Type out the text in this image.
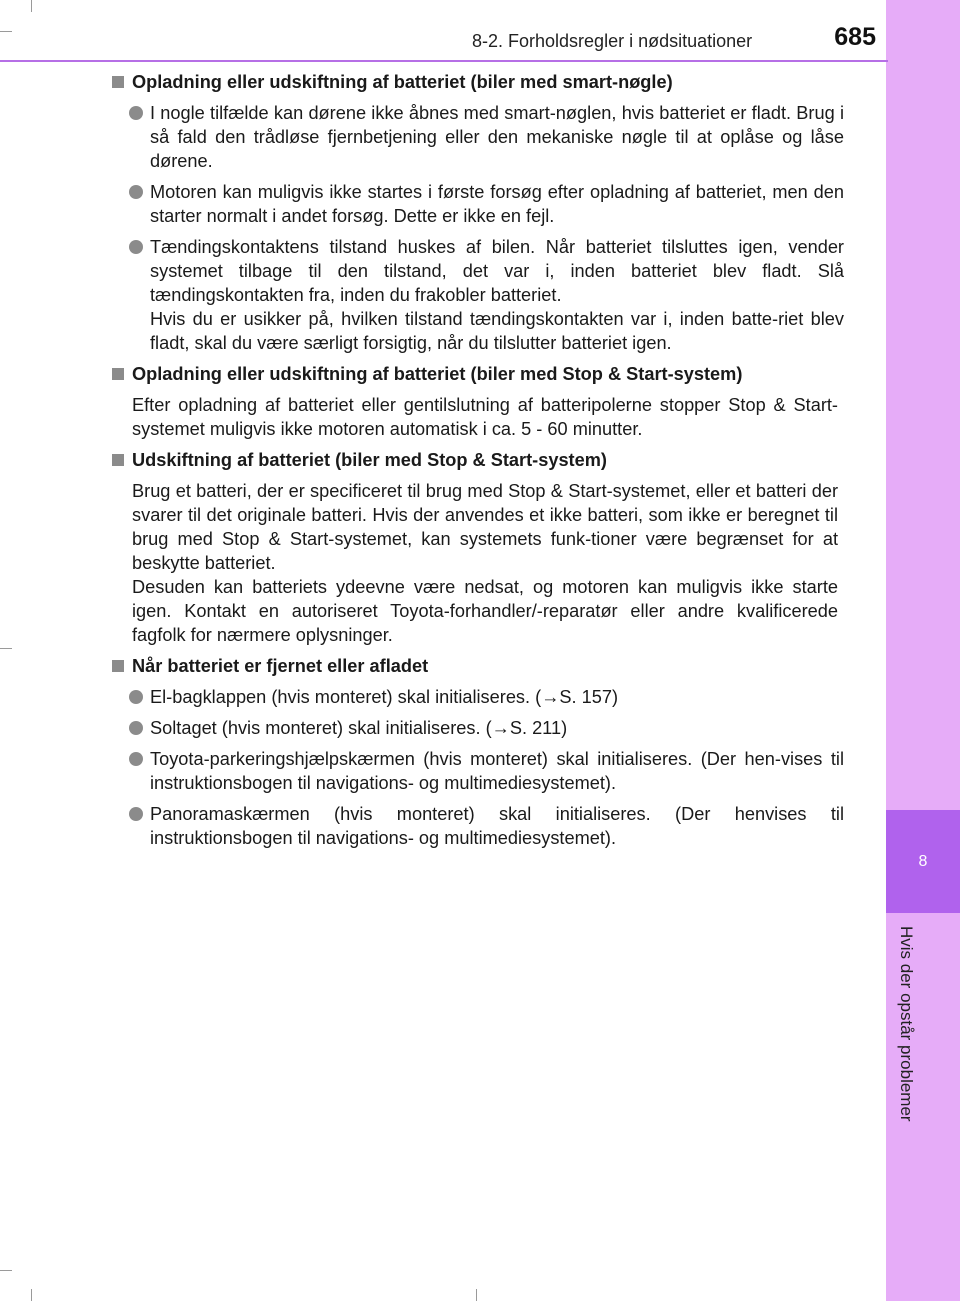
8
Hvis der opstår problemer
8-2. Forholdsregler i nødsituationer	685
Opladning eller udskiftning af batteriet (biler med smart-nøgle)
I nogle tilfælde kan dørene ikke åbnes med smart-nøglen, hvis batteriet er fladt. Brug i så fald den trådløse fjernbetjening eller den mekaniske nøgle til at oplåse og låse dørene.
Motoren kan muligvis ikke startes i første forsøg efter opladning af batteriet, men den starter normalt i andet forsøg. Dette er ikke en fejl.
Tændingskontaktens tilstand huskes af bilen. Når batteriet tilsluttes igen, vender systemet tilbage til den tilstand, det var i, inden batteriet blev fladt. Slå tændingskontakten fra, inden du frakobler batteriet.
Hvis du er usikker på, hvilken tilstand tændingskontakten var i, inden batte-riet blev fladt, skal du være særligt forsigtig, når du tilslutter batteriet igen.
Opladning eller udskiftning af batteriet (biler med Stop & Start-system)
Efter opladning af batteriet eller gentilslutning af batteripolerne stopper Stop & Start-systemet muligvis ikke motoren automatisk i ca. 5 - 60 minutter.
Udskiftning af batteriet (biler med Stop & Start-system)
Brug et batteri, der er specificeret til brug med Stop & Start-systemet, eller et batteri der svarer til det originale batteri. Hvis der anvendes et ikke batteri, som ikke er beregnet til brug med Stop & Start-systemet, kan systemets funk-tioner være begrænset for at beskytte batteriet.
Desuden kan batteriets ydeevne være nedsat, og motoren kan muligvis ikke starte igen. Kontakt en autoriseret Toyota-forhandler/-reparatør eller andre kvalificerede fagfolk for nærmere oplysninger.
Når batteriet er fjernet eller afladet
El-bagklappen (hvis monteret) skal initialiseres. (→S. 157)
Soltaget (hvis monteret) skal initialiseres. (→S. 211)
Toyota-parkeringshjælpskærmen (hvis monteret) skal initialiseres. (Der hen-vises til instruktionsbogen til navigations- og multimediesystemet).
Panoramaskærmen (hvis monteret) skal initialiseres. (Der henvises til instruktionsbogen til navigations- og multimediesystemet).
